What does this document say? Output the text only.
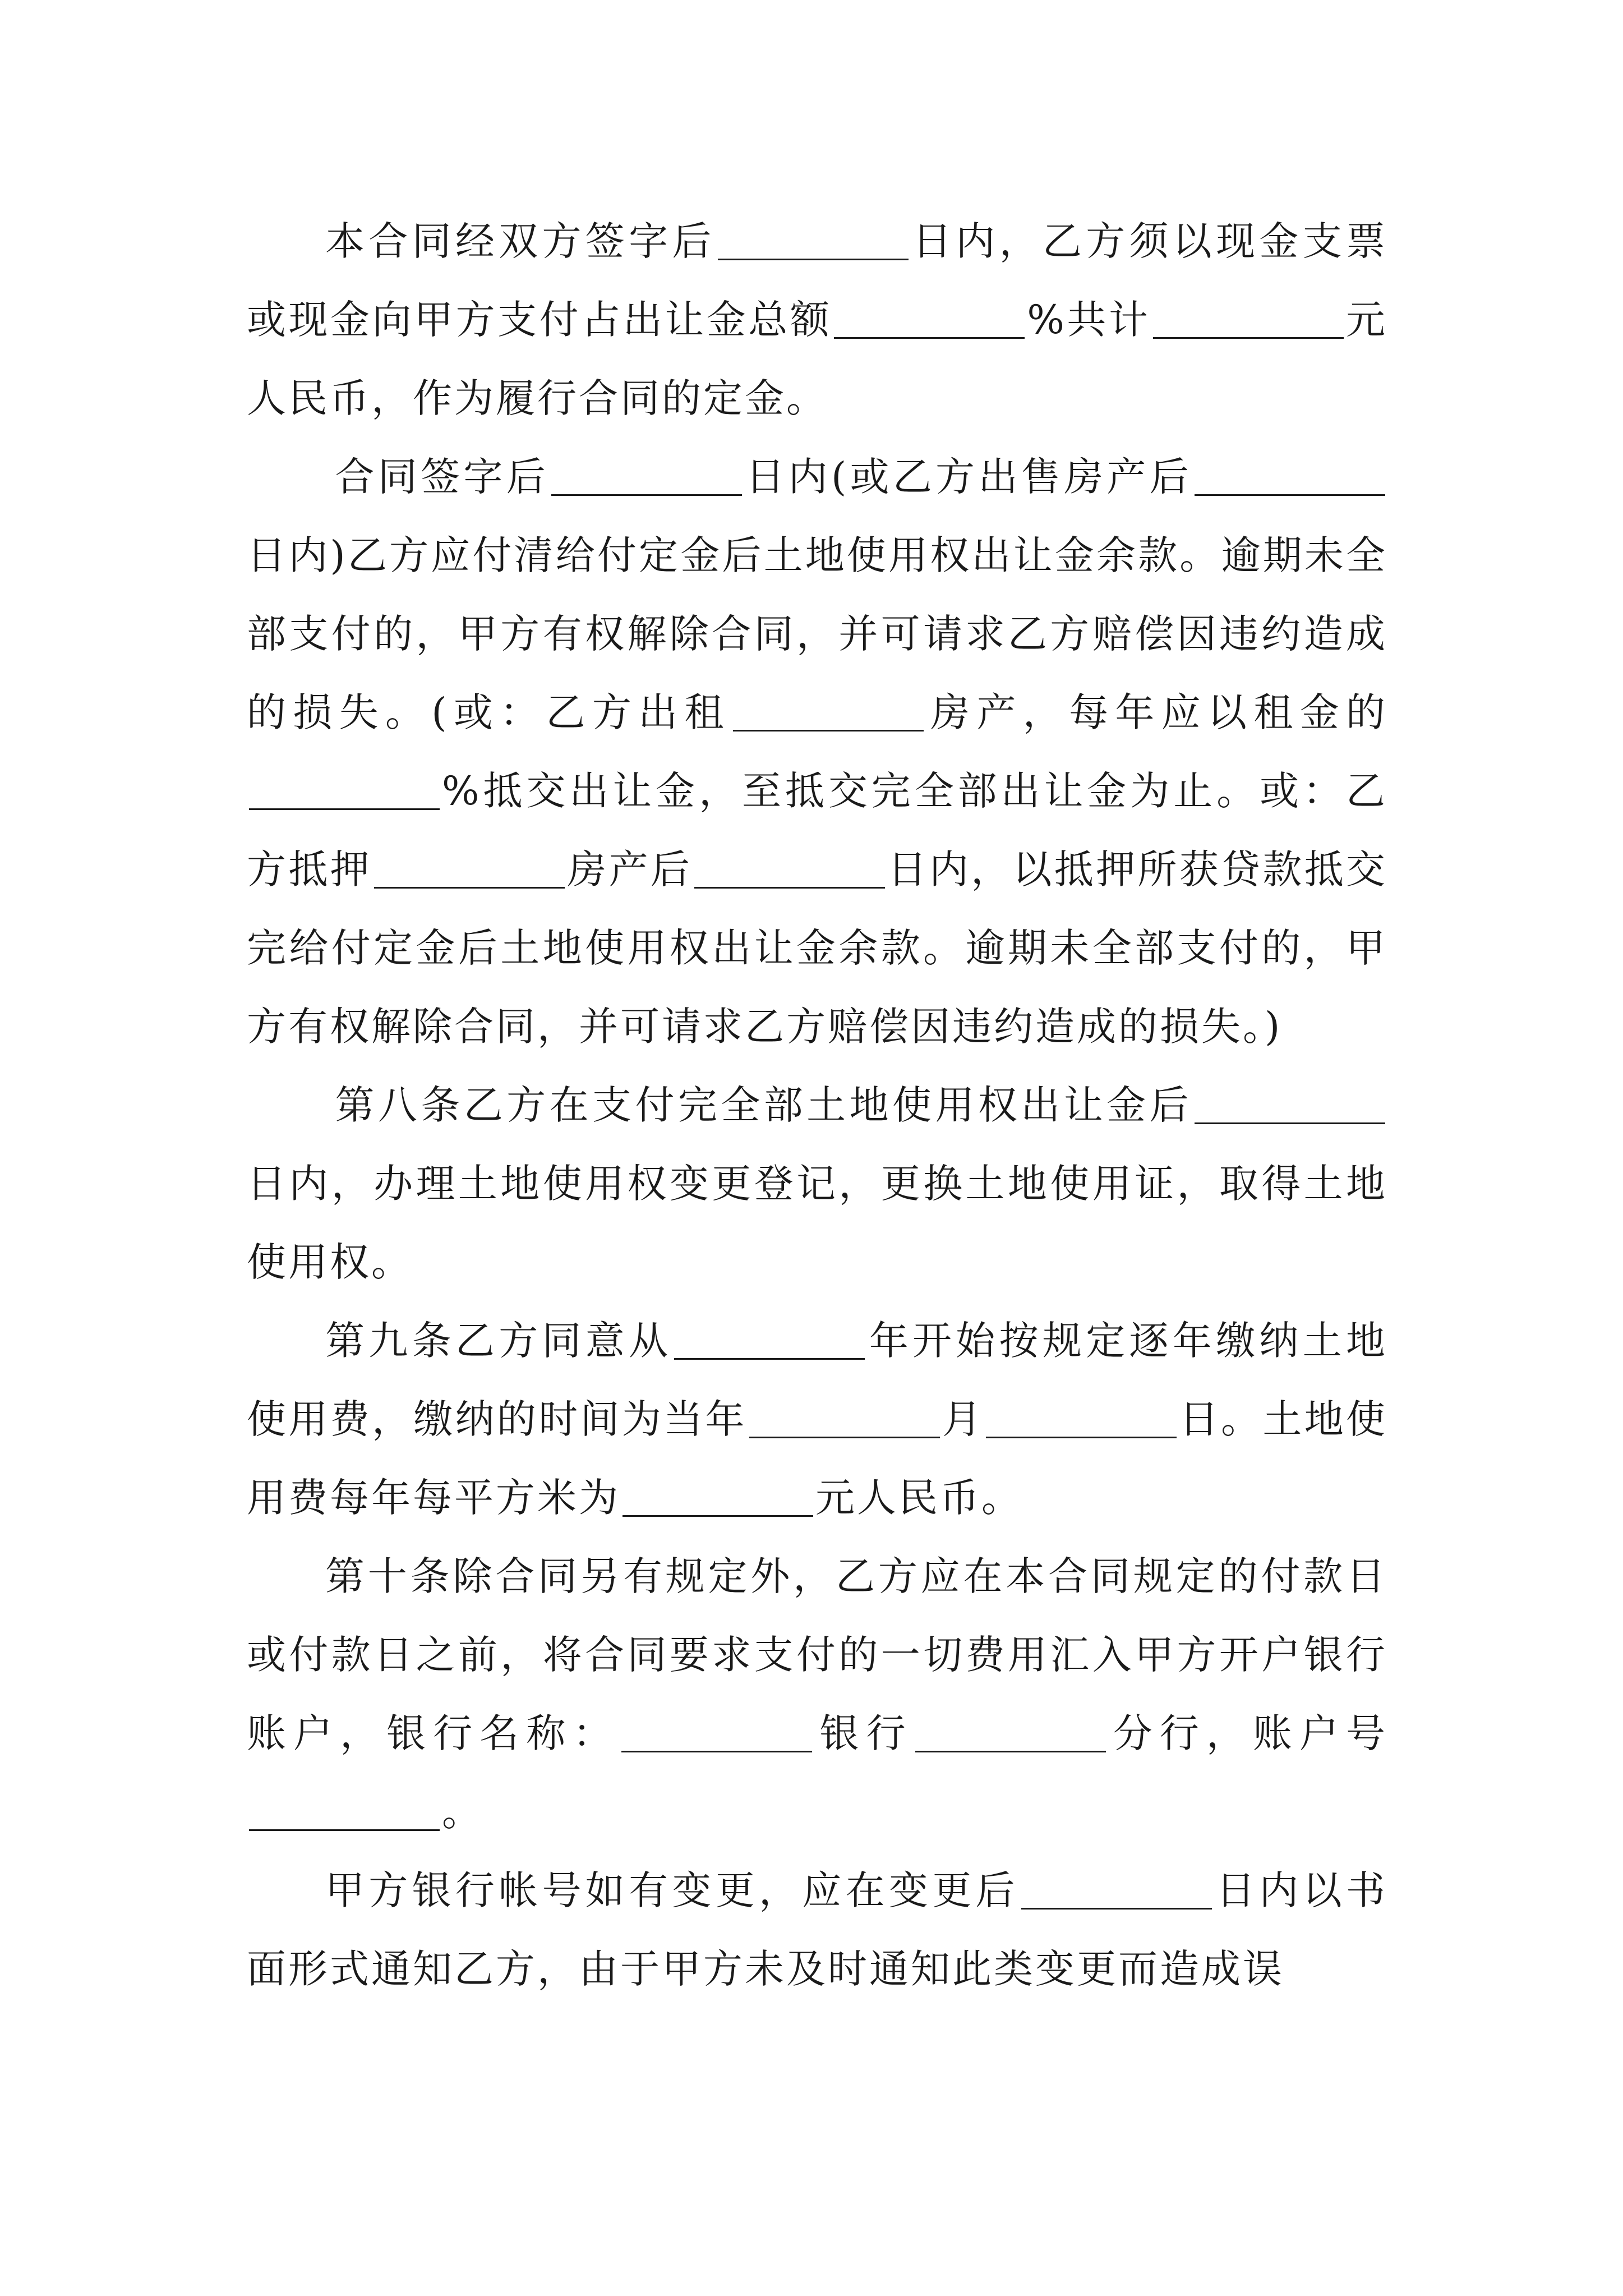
本合同经双方签字后	日内，乙方须以现金支票或现金向甲方支付占出让金总额	%共计	元人民币，作为履行合同的定金。

合同签字后	日内(或乙方出售房产后日内)乙方应付清给付定金后土地使用权出让金余款。逾期未全部支付的，甲方有权解除合同，并可请求乙方赔偿因违约造成的损失。(或：乙方出租	房产，每年应以租金的%抵交出让金，至抵交完全部出让金为止。或：乙方抵押	房产后	日内，以抵押所获贷款抵交完给付定金后土地使用权出让金余款。逾期未全部支付的，甲方有权解除合同，并可请求乙方赔偿因违约造成的损失。)

第八条乙方在支付完全部土地使用权出让金后日内，办理土地使用权变更登记，更换土地使用证，取得土地使用权。

第九条乙方同意从	年开始按规定逐年缴纳土地使用费，缴纳的时间为当年	月	日。土地使用费每年每平方米为	元人民币。

第十条除合同另有规定外，乙方应在本合同规定的付款日或付款日之前，将合同要求支付的一切费用汇入甲方开户银行账户，银行名称：	银行	分行，账户号。

甲方银行帐号如有变更，应在变更后	日内以书面形式通知乙方，由于甲方未及时通知此类变更而造成误
